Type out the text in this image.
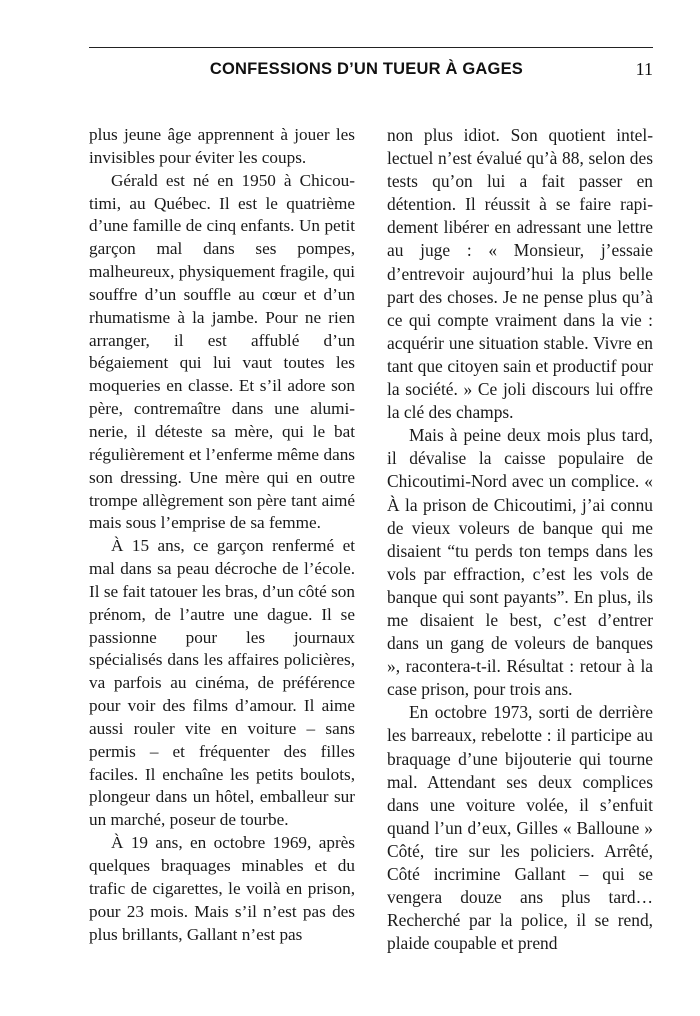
CONFESSIONS D’UN TUEUR À GAGES	11

plus jeune âge apprennent à jouer les invisibles pour éviter les coups.

Gérald est né en 1950 à Chicoutimi, au Québec. Il est le quatrième d’une famille de cinq enfants. Un petit garçon mal dans ses pompes, malheureux, physiquement fragile, qui souffre d’un souffle au cœur et d’un rhumatisme à la jambe. Pour ne rien arranger, il est affublé d’un bégaiement qui lui vaut toutes les moqueries en classe. Et s’il adore son père, contremaître dans une aluminerie, il déteste sa mère, qui le bat régulièrement et l’enferme même dans son dressing. Une mère qui en outre trompe allègrement son père tant aimé mais sous l’emprise de sa femme.

À 15 ans, ce garçon renfermé et mal dans sa peau décroche de l’école. Il se fait tatouer les bras, d’un côté son prénom, de l’autre une dague. Il se passionne pour les journaux spécialisés dans les affaires policières, va parfois au cinéma, de préférence pour voir des films d’amour. Il aime aussi rouler vite en voiture – sans permis – et fréquenter des filles faciles. Il enchaîne les petits boulots, plongeur dans un hôtel, emballeur sur un marché, poseur de tourbe.

À 19 ans, en octobre 1969, après quelques braquages minables et du trafic de cigarettes, le voilà en prison, pour 23 mois. Mais s’il n’est pas des plus brillants, Gallant n’est pas

non plus idiot. Son quotient intellectuel n’est évalué qu’à 88, selon des tests qu’on lui a fait passer en détention. Il réussit à se faire rapidement libérer en adressant une lettre au juge : « Monsieur, j’essaie d’entrevoir aujourd’hui la plus belle part des choses. Je ne pense plus qu’à ce qui compte vraiment dans la vie : acquérir une situation stable. Vivre en tant que citoyen sain et productif pour la société. » Ce joli discours lui offre la clé des champs.

Mais à peine deux mois plus tard, il dévalise la caisse populaire de Chicoutimi-Nord avec un complice. « À la prison de Chicoutimi, j’ai connu de vieux voleurs de banque qui me disaient “tu perds ton temps dans les vols par effraction, c’est les vols de banque qui sont payants”. En plus, ils me disaient le best, c’est d’entrer dans un gang de voleurs de banques », racontera-t-il. Résultat : retour à la case prison, pour trois ans.

En octobre 1973, sorti de derrière les barreaux, rebelotte : il participe au braquage d’une bijouterie qui tourne mal. Attendant ses deux complices dans une voiture volée, il s’enfuit quand l’un d’eux, Gilles « Balloune » Côté, tire sur les policiers. Arrêté, Côté incrimine Gallant – qui se vengera douze ans plus tard… Recherché par la police, il se rend, plaide coupable et prend
